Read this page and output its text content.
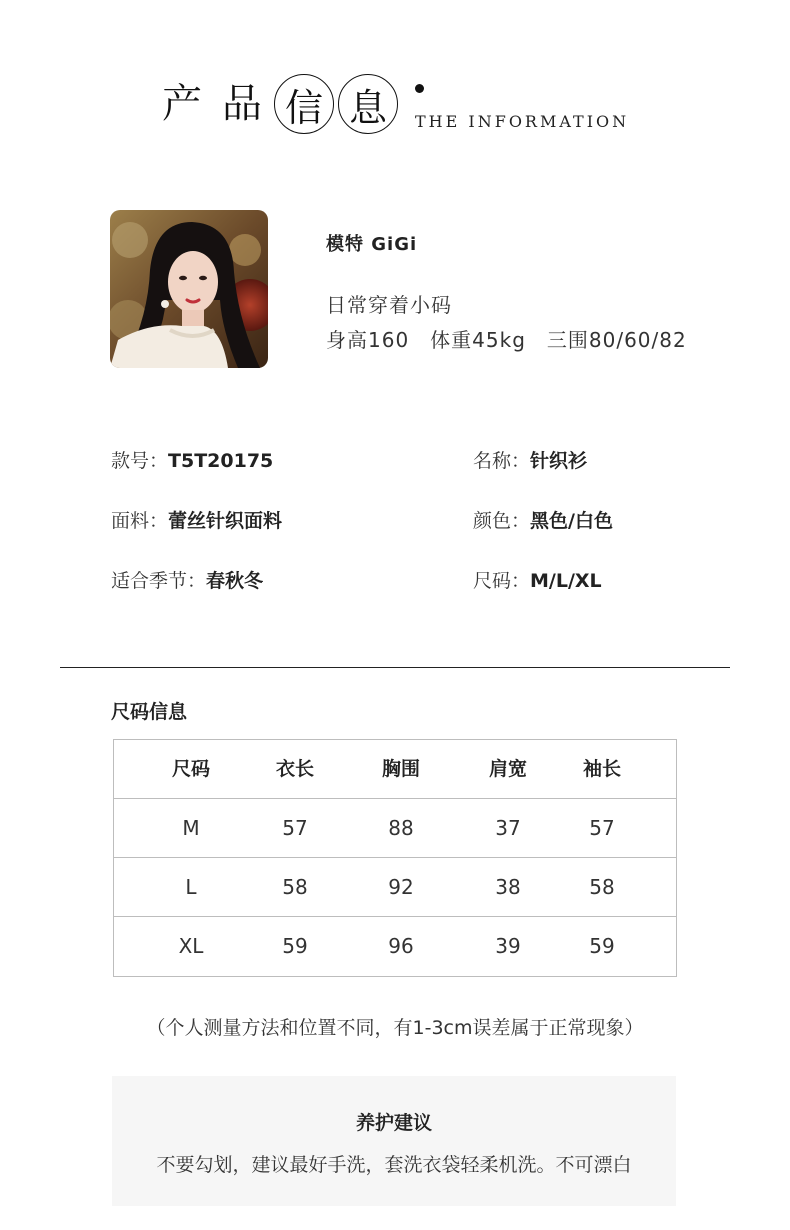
产 品 信 息	THE INFORMATION
模特 GiGi
日常穿着小码
身高160　体重45kg　三围80/60/82
款号：T5T20175	名称：针织衫
面料：蕾丝针织面料	颜色：黑色/白色
适合季节：春秋冬	尺码：M/L/XL
尺码信息
尺码	衣长	胸围	肩宽	袖长
M	57	88	37	57
L	58	92	38	58
XL	59	96	39	59
（个人测量方法和位置不同，有1-3cm误差属于正常现象）
养护建议
不要勾划，建议最好手洗，套洗衣袋轻柔机洗。不可漂白
